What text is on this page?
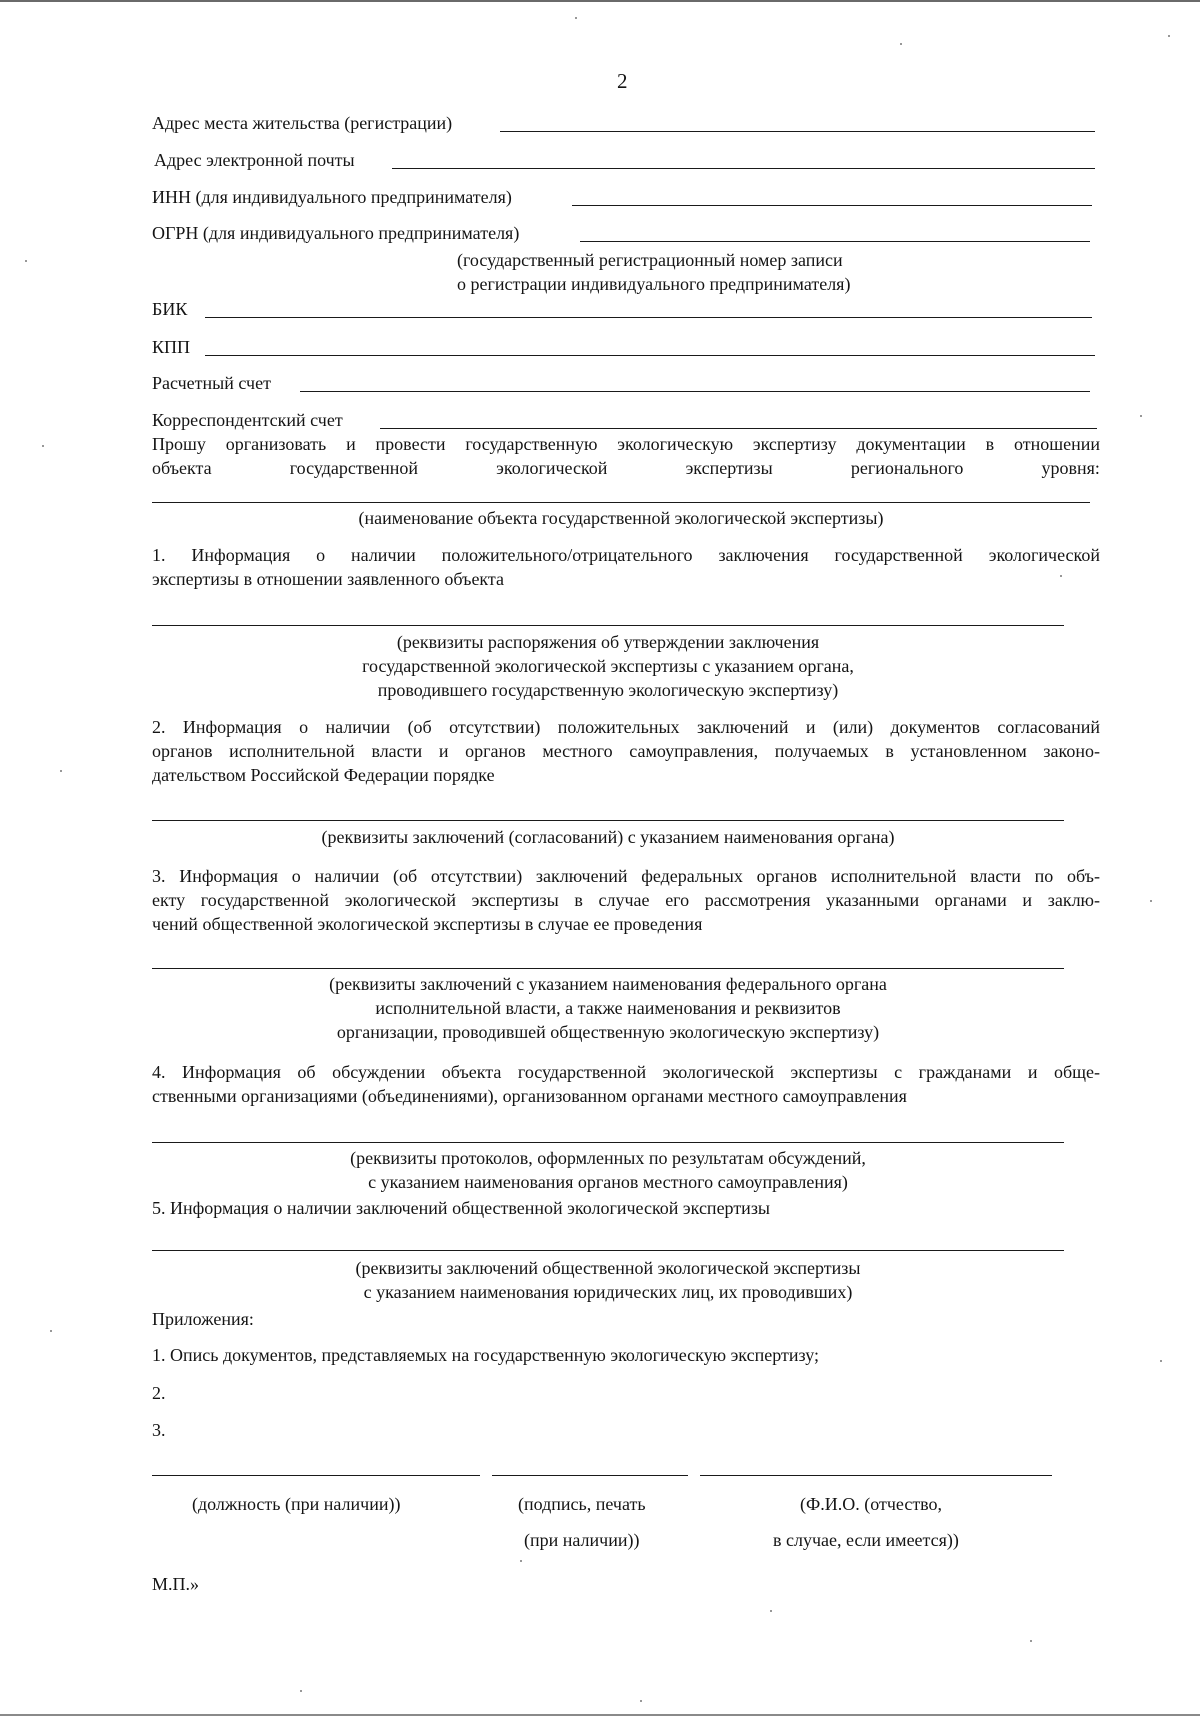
2
Адрес места жительства (регистрации)
Адрес электронной почты
ИНН (для индивидуального предпринимателя)
ОГРН (для индивидуального предпринимателя)
(государственный регистрационный номер записи
о регистрации индивидуального предпринимателя)
БИК
КПП
Расчетный счет
Корреспондентский счет
Прошу организовать и провести государственную экологическую экспертизу документации в отношении
объекта	государственной	экологической	экспертизы	регионального	уровня:
(наименование объекта государственной экологической экспертизы)
1. Информация о наличии положительного/отрицательного заключения государственной экологической
экспертизы в отношении заявленного объекта
(реквизиты распоряжения об утверждении заключения
государственной экологической экспертизы с указанием органа,
проводившего государственную экологическую экспертизу)
2. Информация о наличии (об отсутствии) положительных заключений и (или) документов согласований
органов исполнительной власти и органов местного самоуправления, получаемых в установленном законо-
дательством Российской Федерации порядке
(реквизиты заключений (согласований) с указанием наименования органа)
3. Информация о наличии (об отсутствии) заключений федеральных органов исполнительной власти по объ-
екту государственной экологической экспертизы в случае его рассмотрения указанными органами и заклю-
чений общественной экологической экспертизы в случае ее проведения
(реквизиты заключений с указанием наименования федерального органа
исполнительной власти, а также наименования и реквизитов
организации, проводившей общественную экологическую экспертизу)
4. Информация об обсуждении объекта государственной экологической экспертизы с гражданами и обще-
ственными организациями (объединениями), организованном органами местного самоуправления
(реквизиты протоколов, оформленных по результатам обсуждений,
с указанием наименования органов местного самоуправления)
5. Информация о наличии заключений общественной экологической экспертизы
(реквизиты заключений общественной экологической экспертизы
с указанием наименования юридических лиц, их проводивших)
Приложения:
1. Опись документов, представляемых на государственную экологическую экспертизу;
2.
3.
(должность (при наличии))	(подпись, печать
(при наличии))
(Ф.И.О. (отчество,
в случае, если имеется))
М.П.»
